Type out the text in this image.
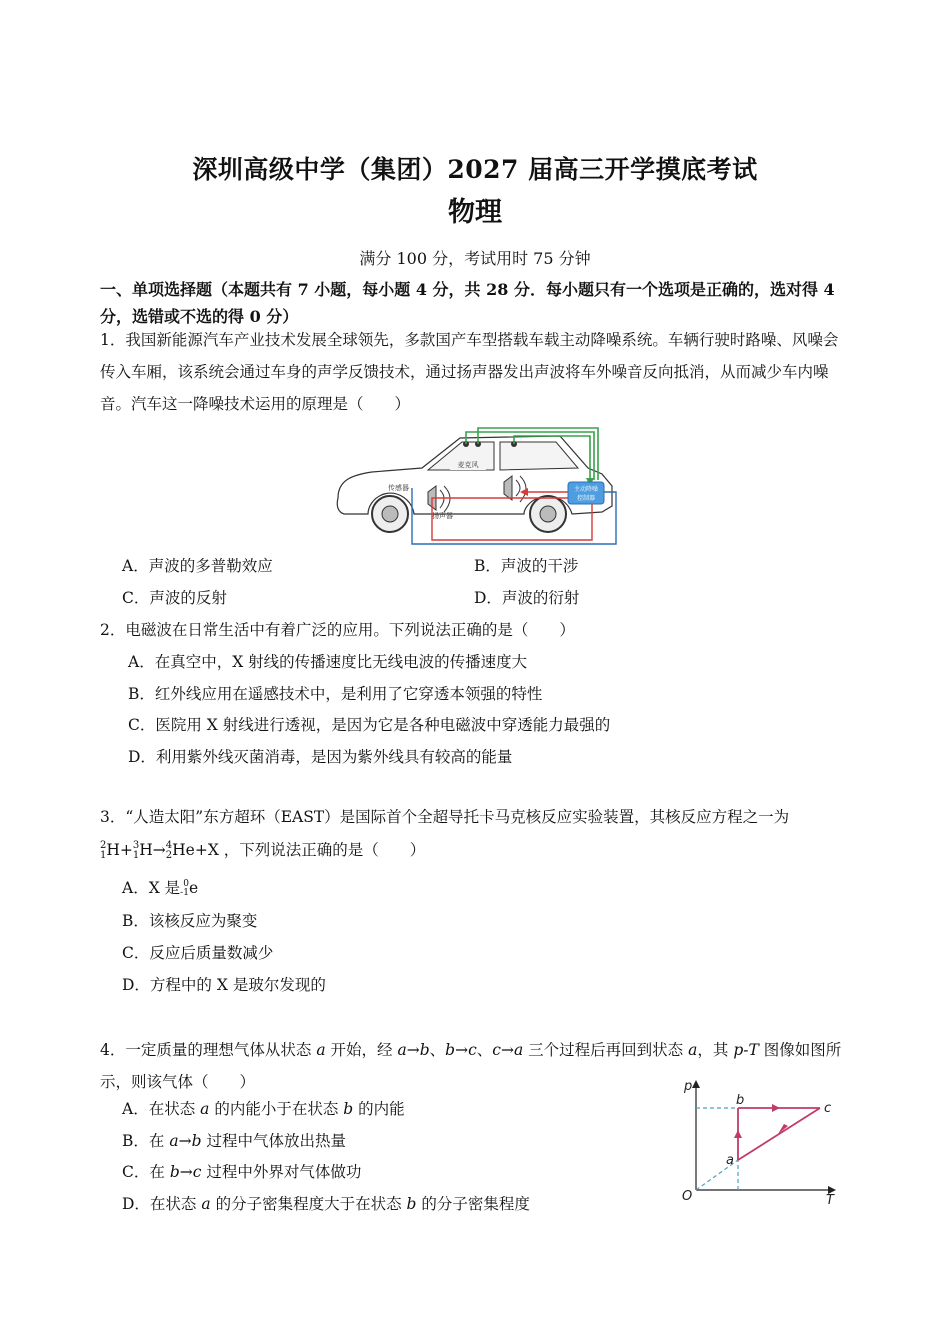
深圳高级中学（集团）2027 届高三开学摸底考试
物理
满分 100 分，考试用时 75 分钟
一、单项选择题（本题共有 7 小题，每小题 4 分，共 28 分．每小题只有一个选项是正确的，选对得 4 分，选错或不选的得 0 分）
1．我国新能源汽车产业技术发展全球领先，多款国产车型搭载车载主动降噪系统。车辆行驶时路噪、风噪会传入车厢，该系统会通过车身的声学反馈技术，通过扬声器发出声波将车外噪音反向抵消，从而减少车内噪音。汽车这一降噪技术运用的原理是（　　）
麦克风
主动降噪
控制器
传感器
扬声器
A．声波的多普勒效应	B．声波的干涉
C．声波的反射	D．声波的衍射
2．电磁波在日常生活中有着广泛的应用。下列说法正确的是（　　）
A．在真空中，X 射线的传播速度比无线电波的传播速度大
B．红外线应用在遥感技术中，是利用了它穿透本领强的特性
C．医院用 X 射线进行透视，是因为它是各种电磁波中穿透能力最强的
D．利用紫外线灭菌消毒，是因为紫外线具有较高的能量
3．“人造太阳”东方超环（EAST）是国际首个全超导托卡马克核反应实验装置，其核反应方程之一为
2
1H+3
1H→4
2He+X ，下列说法正确的是（　　）
A．X 是 0
-1e
B．该核反应为聚变
C．反应后质量数减少
D．方程中的 X 是玻尔发现的
4．一定质量的理想气体从状态 a 开始，经 a→b、b→c、c→a 三个过程后再回到状态 a，其 p-T 图像如图所示，则该气体（　　）
A．在状态 a 的内能小于在状态 b 的内能
B．在 a→b 过程中气体放出热量
C．在 b→c 过程中外界对气体做功
D．在状态 a 的分子密集程度大于在状态 b 的分子密集程度
p
T
O
a
b
c
